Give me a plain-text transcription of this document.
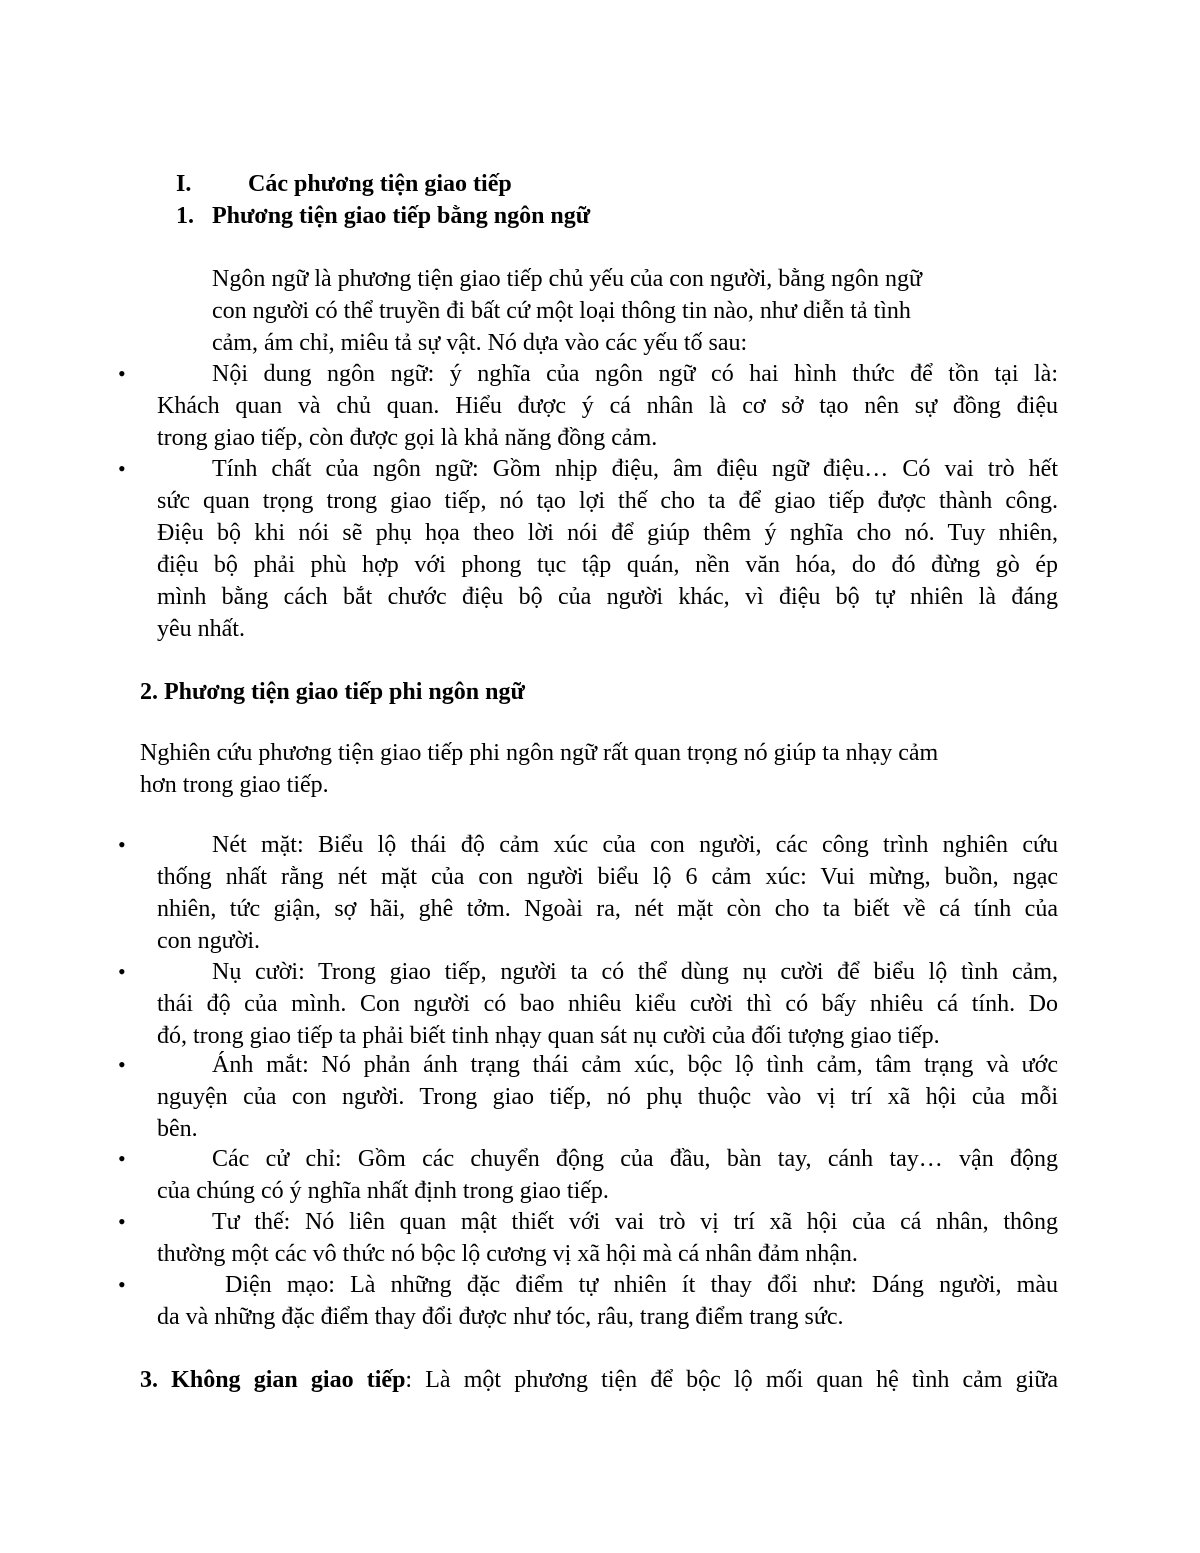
I. Các phương tiện giao tiếp
1. Phương tiện giao tiếp bằng ngôn ngữ
Ngôn ngữ là phương tiện giao tiếp chủ yếu của con người, bằng ngôn ngữ
con người có thể truyền đi bất cứ một loại thông tin nào, như diễn tả tình
cảm, ám chỉ, miêu tả sự vật. Nó dựa vào các yếu tố sau:
•	Nội dung ngôn ngữ: ý nghĩa của ngôn ngữ có hai hình thức để tồn tại là:
Khách quan và chủ quan. Hiểu được ý cá nhân là cơ sở tạo nên sự đồng điệu
trong giao tiếp, còn được gọi là khả năng đồng cảm.
•	Tính chất của ngôn ngữ: Gồm nhịp điệu, âm điệu ngữ điệu… Có vai trò hết
sức quan trọng trong giao tiếp, nó tạo lợi thế cho ta để giao tiếp được thành công.
Điệu bộ khi nói sẽ phụ họa theo lời nói để giúp thêm ý nghĩa cho nó. Tuy nhiên,
điệu bộ phải phù hợp với phong tục tập quán, nền văn hóa, do đó đừng gò ép
mình bằng cách bắt chước điệu bộ của người khác, vì điệu bộ tự nhiên là đáng
yêu nhất.
2. Phương tiện giao tiếp phi ngôn ngữ
Nghiên cứu phương tiện giao tiếp phi ngôn ngữ rất quan trọng nó giúp ta nhạy cảm
hơn trong giao tiếp.
•	Nét mặt: Biểu lộ thái độ cảm xúc của con người, các công trình nghiên cứu
thống nhất rằng nét mặt của con người biểu lộ 6 cảm xúc: Vui mừng, buồn, ngạc
nhiên, tức giận, sợ hãi, ghê tởm. Ngoài ra, nét mặt còn cho ta biết về cá tính của
con người.
•	Nụ cười: Trong giao tiếp, người ta có thể dùng nụ cười để biểu lộ tình cảm,
thái độ của mình. Con người có bao nhiêu kiểu cười thì có bấy nhiêu cá tính. Do
đó, trong giao tiếp ta phải biết tinh nhạy quan sát nụ cười của đối tượng giao tiếp.
•	Ánh mắt: Nó phản ánh trạng thái cảm xúc, bộc lộ tình cảm, tâm trạng và ước
nguyện của con người. Trong giao tiếp, nó phụ thuộc vào vị trí xã hội của mỗi
bên.
•	Các cử chỉ: Gồm các chuyển động của đầu, bàn tay, cánh tay… vận động
của chúng có ý nghĩa nhất định trong giao tiếp.
•	Tư thế: Nó liên quan mật thiết với vai trò vị trí xã hội của cá nhân, thông
thường một các vô thức nó bộc lộ cương vị xã hội mà cá nhân đảm nhận.
•	Diện mạo: Là những đặc điểm tự nhiên ít thay đổi như: Dáng người, màu
da và những đặc điểm thay đổi được như tóc, râu, trang điểm trang sức.
3. Không gian giao tiếp: Là một phương tiện để bộc lộ mối quan hệ tình cảm giữa
